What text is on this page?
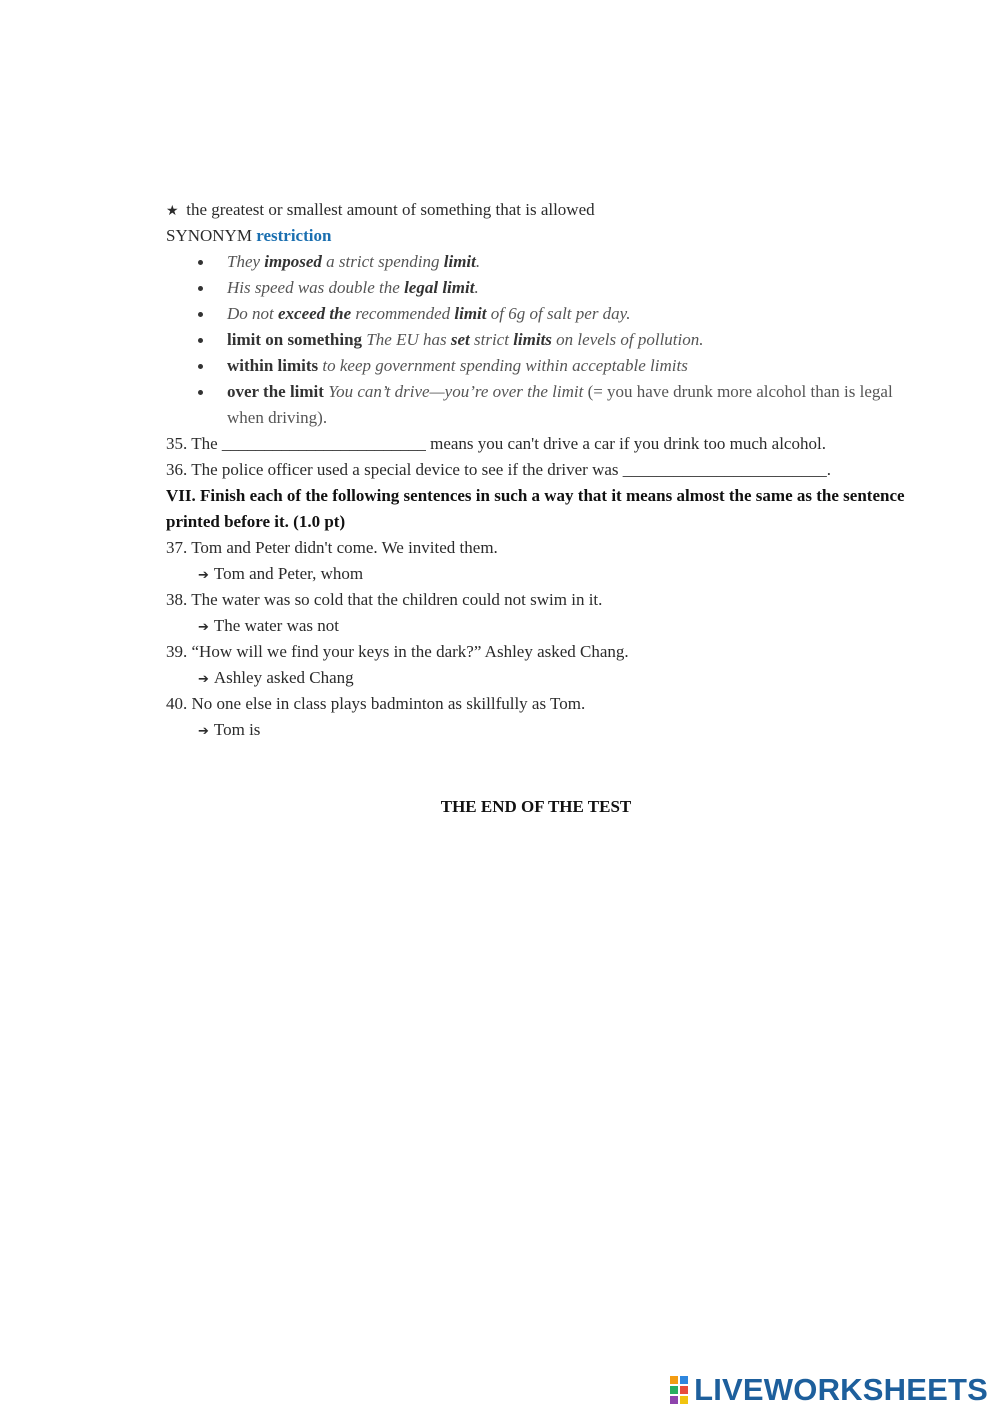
★ the greatest or smallest amount of something that is allowed
SYNONYM restriction
They imposed a strict spending limit.
His speed was double the legal limit.
Do not exceed the recommended limit of 6g of salt per day.
limit on something The EU has set strict limits on levels of pollution.
within limits to keep government spending within acceptable limits
over the limit You can’t drive—you’re over the limit (= you have drunk more alcohol than is legal when driving).
35. The ________________________ means you can't drive a car if you drink too much alcohol.
36. The police officer used a special device to see if the driver was ________________________.
VII. Finish each of the following sentences in such a way that it means almost the same as the sentence printed before it. (1.0 pt)
37. Tom and Peter didn't come. We invited them.
➔ Tom and Peter, whom
38. The water was so cold that the children could not swim in it.
➔ The water was not
39. “How will we find your keys in the dark?” Ashley asked Chang.
➔ Ashley asked Chang
40. No one else in class plays badminton as skillfully as Tom.
➔ Tom is
THE END OF THE TEST
LIVEWORKSHEETS
